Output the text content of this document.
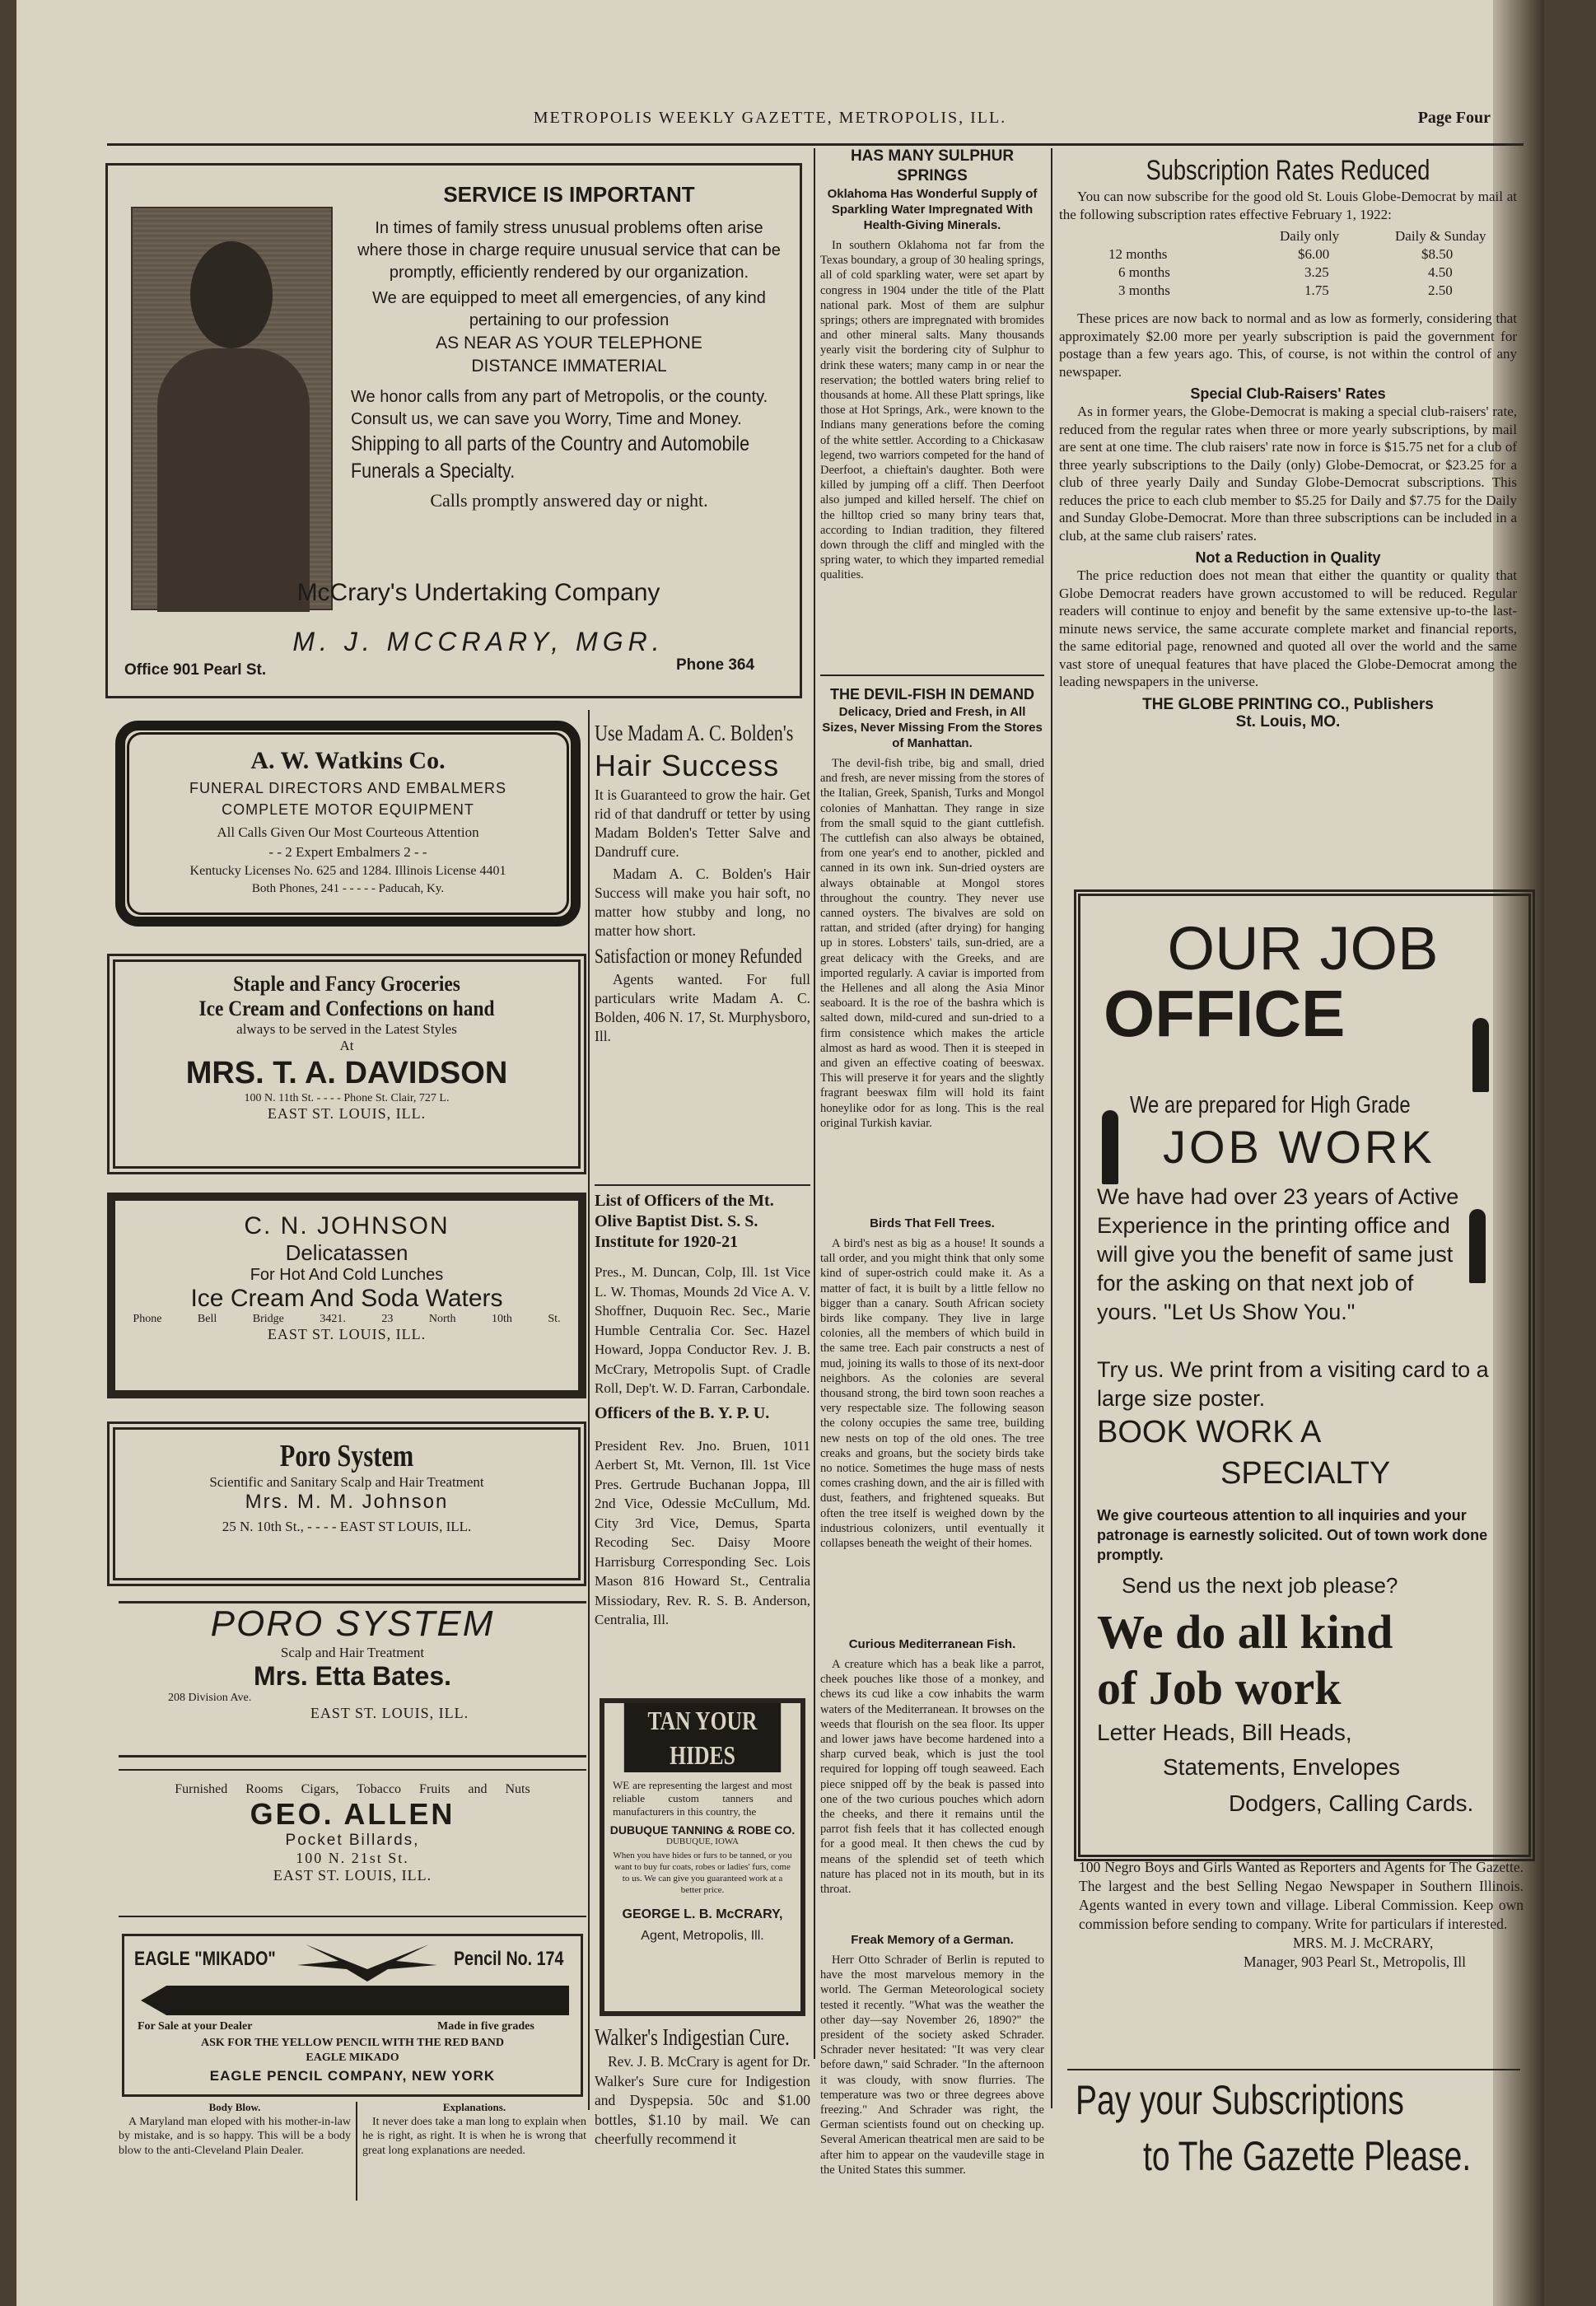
METROPOLIS WEEKLY GAZETTE, METROPOLIS, ILL.	Page Four
SERVICE IS IMPORTANT
In times of family stress unusual problems often arise where those in charge require unusual service that can be promptly, efficiently rendered by our organization.
We are equipped to meet all emergencies, of any kind pertaining to our profession
AS NEAR AS YOUR TELEPHONE
DISTANCE IMMATERIAL
We honor calls from any part of Metropolis, or the county. Consult us, we can save you Worry, Time and Money.
Shipping to all parts of the Country and Automobile Funerals a Specialty.
Calls promptly answered day or night.
McCrary's Undertaking Company
M. J. MCCRARY, MGR.
Office 901 Pearl St.	Phone 364
HAS MANY SULPHUR SPRINGS
Oklahoma Has Wonderful Supply of Sparkling Water Impregnated With Health-Giving Minerals.
In southern Oklahoma not far from the Texas boundary, a group of 30 healing springs, all of cold sparkling water, were set apart by congress in 1904 under the title of the Platt national park. Most of them are sulphur springs; others are impregnated with bromides and other mineral salts. Many thousands yearly visit the bordering city of Sulphur to drink these waters; many camp in or near the reservation; the bottled waters bring relief to thousands at home. All these Platt springs, like those at Hot Springs, Ark., were known to the Indians many generations before the coming of the white settler. According to a Chickasaw legend, two warriors competed for the hand of Deerfoot, a chieftain's daughter. Both were killed by jumping off a cliff. Then Deerfoot also jumped and killed herself. The chief on the hilltop cried so many briny tears that, according to Indian tradition, they filtered down through the cliff and mingled with the spring water, to which they imparted remedial qualities.
THE DEVIL-FISH IN DEMAND
Delicacy, Dried and Fresh, in All Sizes, Never Missing From the Stores of Manhattan.
The devil-fish tribe, big and small, dried and fresh, are never missing from the stores of the Italian, Greek, Spanish, Turks and Mongol colonies of Manhattan. They range in size from the small squid to the giant cuttlefish. The cuttlefish can also always be obtained, from one year's end to another, pickled and canned in its own ink. Sun-dried oysters are always obtainable at Mongol stores throughout the country. They never use canned oysters. The bivalves are sold on rattan, and strided (after drying) for hanging up in stores. Lobsters' tails, sun-dried, are a great delicacy with the Greeks, and are imported regularly. A caviar is imported from the Hellenes and all along the Asia Minor seaboard. It is the roe of the bashra which is salted down, mild-cured and sun-dried to a firm consistence which makes the article almost as hard as wood. Then it is steeped in and given an effective coating of beeswax. This will preserve it for years and the slightly fragrant beeswax film will hold its faint honeylike odor for as long. This is the real original Turkish kaviar.
Birds That Fell Trees.
A bird's nest as big as a house! It sounds a tall order, and you might think that only some kind of super-ostrich could make it. As a matter of fact, it is built by a little fellow no bigger than a canary. South African society birds like company. They live in large colonies, all the members of which build in the same tree. Each pair constructs a nest of mud, joining its walls to those of its next-door neighbors. As the colonies are several thousand strong, the bird town soon reaches a very respectable size. The following season the colony occupies the same tree, building new nests on top of the old ones. The tree creaks and groans, but the society birds take no notice. Sometimes the huge mass of nests comes crashing down, and the air is filled with dust, feathers, and frightened squeaks. But often the tree itself is weighed down by the industrious colonizers, until eventually it collapses beneath the weight of their homes.
Curious Mediterranean Fish.
A creature which has a beak like a parrot, cheek pouches like those of a monkey, and chews its cud like a cow inhabits the warm waters of the Mediterranean. It browses on the weeds that flourish on the sea floor. Its upper and lower jaws have become hardened into a sharp curved beak, which is just the tool required for lopping off tough seaweed. Each piece snipped off by the beak is passed into one of the two curious pouches which adorn the cheeks, and there it remains until the parrot fish feels that it has collected enough for a good meal. It then chews the cud by means of the splendid set of teeth which nature has placed not in its mouth, but in its throat.
Freak Memory of a German.
Herr Otto Schrader of Berlin is reputed to have the most marvelous memory in the world. The German Meteorological society tested it recently. "What was the weather the other day—say November 26, 1890?" the president of the society asked Schrader. Schrader never hesitated: "It was very clear before dawn," said Schrader. "In the afternoon it was cloudy, with snow flurries. The temperature was two or three degrees above freezing." And Schrader was right, the German scientists found out on checking up. Several American theatrical men are said to be after him to appear on the vaudeville stage in the United States this summer.
Subscription Rates Reduced
You can now subscribe for the good old St. Louis Globe-Democrat by mail at the following subscription rates effective February 1, 1922:
Daily only	Daily & Sunday
12 months	$6.00	$8.50
6 months	3.25	4.50
3 months	1.75	2.50
These prices are now back to normal and as low as formerly, considering that approximately $2.00 more per yearly subscription is paid the government for postage than a few years ago. This, of course, is not within the control of any newspaper.
Special Club-Raisers' Rates
As in former years, the Globe-Democrat is making a special club-raisers' rate, reduced from the regular rates when three or more yearly subscriptions, by mail are sent at one time. The club raisers' rate now in force is $15.75 net for a club of three yearly subscriptions to the Daily (only) Globe-Democrat, or $23.25 for a club of three yearly Daily and Sunday Globe-Democrat subscriptions. This reduces the price to each club member to $5.25 for Daily and $7.75 for the Daily and Sunday Globe-Democrat. More than three subscriptions can be included in a club, at the same club raisers' rates.
Not a Reduction in Quality
The price reduction does not mean that either the quantity or quality that Globe Democrat readers have grown accustomed to will be reduced. Regular readers will continue to enjoy and benefit by the same extensive up-to-the last-minute news service, the same accurate complete market and financial reports, the same editorial page, renowned and quoted all over the world and the same vast store of unequal features that have placed the Globe-Democrat among the leading newspapers in the universe.
THE GLOBE PRINTING CO., Publishers
St. Louis, MO.
OUR JOB
OFFICE
We are prepared for High Grade
JOB WORK
We have had over 23 years of Active Experience in the printing office and will give you the benefit of same just for the asking on that next job of yours. "Let Us Show You."
Try us. We print from a visiting card to a large size poster.
BOOK WORK A
SPECIALTY
We give courteous attention to all inquiries and your patronage is earnestly solicited. Out of town work done promptly.
Send us the next job please?
We do all kind
of Job work
Letter Heads, Bill Heads,
Statements, Envelopes
Dodgers, Calling Cards.
100 Negro Boys and Girls Wanted as Reporters and Agents for The Gazette. The largest and the best Selling Negao Newspaper in Southern Illinois. Agents wanted in every town and village. Liberal Commission. Keep own commission before sending to company. Write for particulars if interested.
MRS. M. J. McCRARY,
Manager, 903 Pearl St., Metropolis, Ill
Pay your Subscriptions
to The Gazette Please.
A. W. Watkins Co.
FUNERAL DIRECTORS AND EMBALMERS
COMPLETE MOTOR EQUIPMENT
All Calls Given Our Most Courteous Attention
- - 2 Expert Embalmers 2 - -
Kentucky Licenses No. 625 and 1284. Illinois License 4401
Both Phones, 241 - - - - - Paducah, Ky.
Staple and Fancy Groceries
Ice Cream and Confections on hand
always to be served in the Latest Styles
At
MRS. T. A. DAVIDSON
100 N. 11th St. - - - - Phone St. Clair, 727 L.
EAST ST. LOUIS, ILL.
C. N. JOHNSON
Delicatassen
For Hot And Cold Lunches
Ice Cream And Soda Waters
Phone Bell Bridge 3421. 23 North 10th St.
EAST ST. LOUIS, ILL.
Poro System
Scientific and Sanitary Scalp and Hair Treatment
Mrs. M. M. Johnson
25 N. 10th St., - - - - EAST ST LOUIS, ILL.
PORO SYSTEM
Scalp and Hair Treatment
Mrs. Etta Bates.
208 Division Ave.
EAST ST. LOUIS, ILL.
Furnished Rooms Cigars, Tobacco Fruits and Nuts
GEO. ALLEN
Pocket Billards,
100 N. 21st St.
EAST ST. LOUIS, ILL.
EAGLE "MIKADO"	Pencil No. 174
For Sale at your Dealer	Made in five grades
ASK FOR THE YELLOW PENCIL WITH THE RED BAND
EAGLE MIKADO
EAGLE PENCIL COMPANY, NEW YORK
Body Blow.
A Maryland man eloped with his mother-in-law by mistake, and is so happy. This will be a body blow to the anti-Cleveland Plain Dealer.
Explanations.
It never does take a man long to explain when he is right, as right. It is when he is wrong that great long explanations are needed.
Use Madam A. C. Bolden's
Hair Success
It is Guaranteed to grow the hair. Get rid of that dandruff or tetter by using Madam Bolden's Tetter Salve and Dandruff cure.
Madam A. C. Bolden's Hair Success will make you hair soft, no matter how stubby and long, no matter how short.
Satisfaction or money Refunded
Agents wanted. For full particulars write Madam A. C. Bolden, 406 N. 17, St. Murphysboro, Ill.
List of Officers of the Mt. Olive Baptist Dist. S. S. Institute for 1920-21
Pres., M. Duncan, Colp, Ill. 1st Vice L. W. Thomas, Mounds 2d Vice A. V. Shoffner, Duquoin Rec. Sec., Marie Humble Centralia Cor. Sec. Hazel Howard, Joppa Conductor Rev. J. B. McCrary, Metropolis Supt. of Cradle Roll, Dep't. W. D. Farran, Carbondale.
Officers of the B. Y. P. U.
President Rev. Jno. Bruen, 1011 Aerbert St, Mt. Vernon, Ill. 1st Vice Pres. Gertrude Buchanan Joppa, Ill 2nd Vice, Odessie McCullum, Md. City 3rd Vice, Demus, Sparta Recoding Sec. Daisy Moore Harrisburg Corresponding Sec. Lois Mason 816 Howard St., Centralia Missiodary, Rev. R. S. B. Anderson, Centralia, Ill.
TAN YOUR HIDES
WE are representing the largest and most reliable custom tanners and manufacturers in this country, the
DUBUQUE TANNING & ROBE CO.
DUBUQUE, IOWA
When you have hides or furs to be tanned, or you want to buy fur coats, robes or ladies' furs, come to us. We can give you guaranteed work at a better price.
GEORGE L. B. McCRARY,
Agent, Metropolis, Ill.
Walker's Indigestian Cure.
Rev. J. B. McCrary is agent for Dr. Walker's Sure cure for Indigestion and Dyspepsia. 50c and $1.00 bottles, $1.10 by mail. We can cheerfully recommend it
